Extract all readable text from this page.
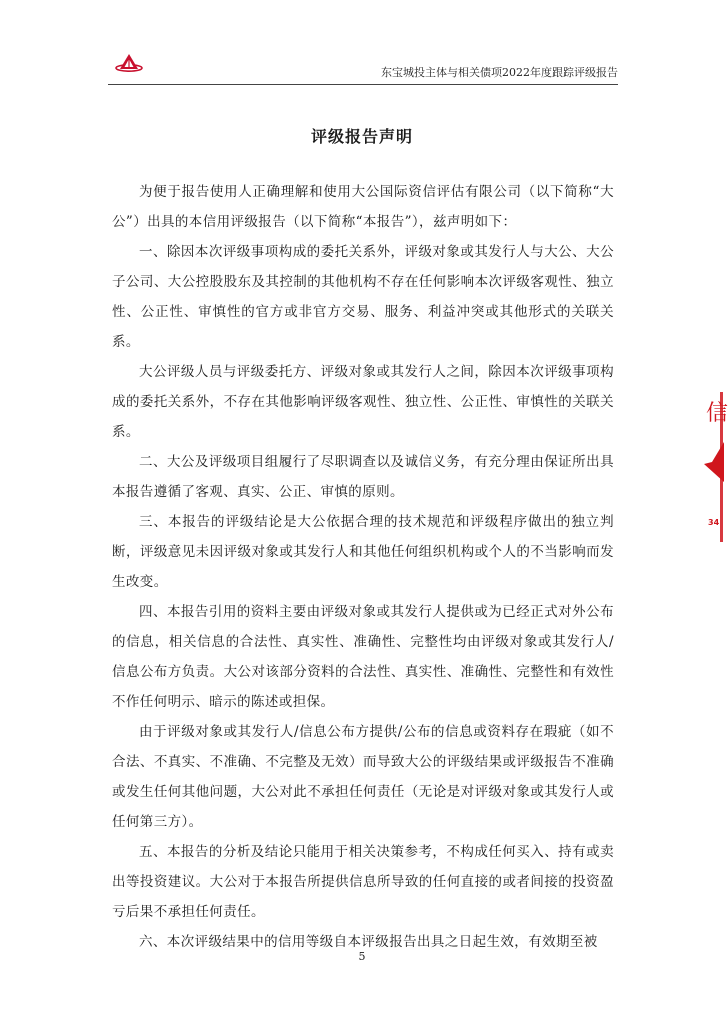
东宝城投主体与相关债项2022年度跟踪评级报告
评级报告声明

为便于报告使用人正确理解和使用大公国际资信评估有限公司（以下简称“大公”）出具的本信用评级报告（以下简称“本报告”），兹声明如下：

一、除因本次评级事项构成的委托关系外，评级对象或其发行人与大公、大公子公司、大公控股股东及其控制的其他机构不存在任何影响本次评级客观性、独立性、公正性、审慎性的官方或非官方交易、服务、利益冲突或其他形式的关联关系。

大公评级人员与评级委托方、评级对象或其发行人之间，除因本次评级事项构成的委托关系外，不存在其他影响评级客观性、独立性、公正性、审慎性的关联关系。

二、大公及评级项目组履行了尽职调查以及诚信义务，有充分理由保证所出具本报告遵循了客观、真实、公正、审慎的原则。

三、本报告的评级结论是大公依据合理的技术规范和评级程序做出的独立判断，评级意见未因评级对象或其发行人和其他任何组织机构或个人的不当影响而发生改变。

四、本报告引用的资料主要由评级对象或其发行人提供或为已经正式对外公布的信息，相关信息的合法性、真实性、准确性、完整性均由评级对象或其发行人/信息公布方负责。大公对该部分资料的合法性、真实性、准确性、完整性和有效性不作任何明示、暗示的陈述或担保。

由于评级对象或其发行人/信息公布方提供/公布的信息或资料存在瑕疵（如不合法、不真实、不准确、不完整及无效）而导致大公的评级结果或评级报告不准确或发生任何其他问题，大公对此不承担任何责任（无论是对评级对象或其发行人或任何第三方）。

五、本报告的分析及结论只能用于相关决策参考，不构成任何买入、持有或卖出等投资建议。大公对于本报告所提供信息所导致的任何直接的或者间接的投资盈亏后果不承担任何责任。

六、本次评级结果中的信用等级自本评级报告出具之日起生效，有效期至被

5
信
34
